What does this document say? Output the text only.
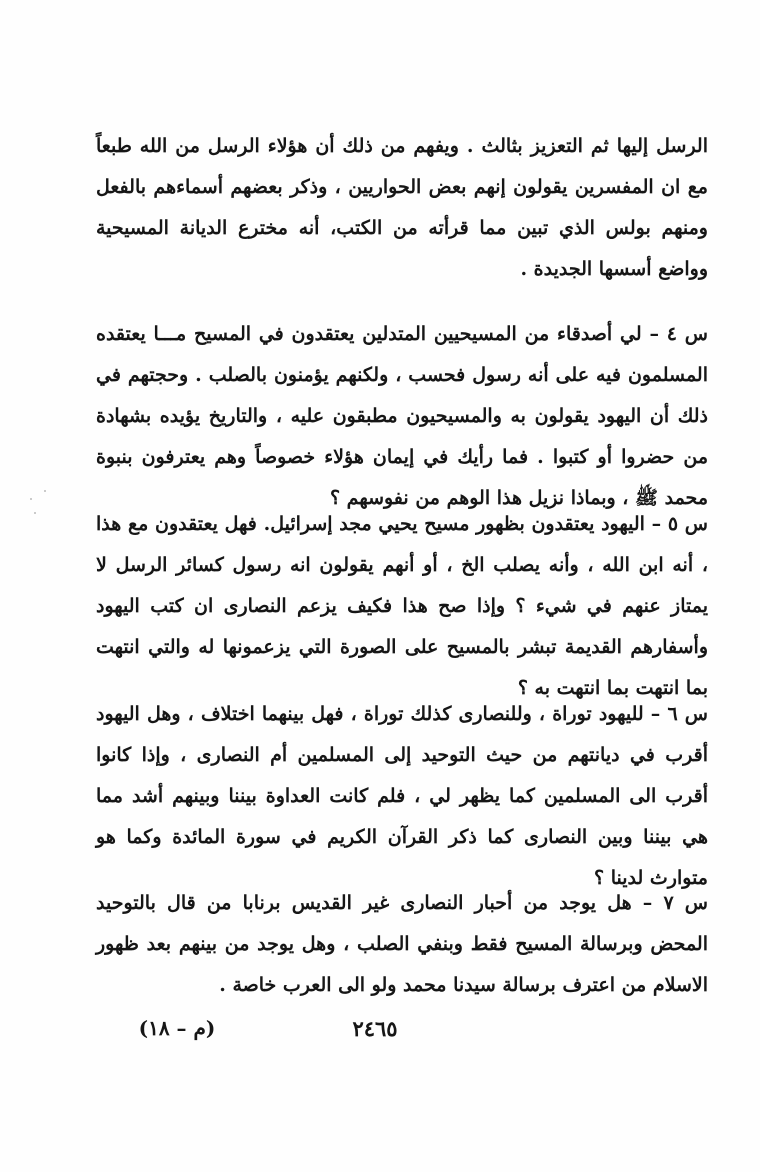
الرسل إليها ثم التعزيز بثالث . ويفهم من ذلك أن هؤلاء الرسل من الله طبعاً مع ان المفسرين يقولون إنهم بعض الحواريين ، وذكر بعضهم أسماءهم بالفعل ومنهم بولس الذي تبين مما قرأته من الكتب، أنه مخترع الديانة المسيحية وواضع أسسها الجديدة .

س ٤ – لي أصدقاء من المسيحيين المتدلين يعتقدون في المسيح مـــا يعتقده المسلمون فيه على أنه رسول فحسب ، ولكنهم يؤمنون بالصلب . وحجتهم في ذلك أن اليهود يقولون به والمسيحيون مطبقون عليه ، والتاريخ يؤيده بشهادة من حضروا أو كتبوا . فما رأيك في إيمان هؤلاء خصوصاً وهم يعترفون بنبوة محمد ﷺ ، وبماذا نزيل هذا الوهم من نفوسهم ؟

س ٥ – اليهود يعتقدون بظهور مسيح يحيي مجد إسرائيل. فهل يعتقدون مع هذا ، أنه ابن الله ، وأنه يصلب الخ ، أو أنهم يقولون انه رسول كسائر الرسل لا يمتاز عنهم في شيء ؟ وإذا صح هذا فكيف يزعم النصارى ان كتب اليهود وأسفارهم القديمة تبشر بالمسيح على الصورة التي يزعمونها له والتي انتهت بما انتهت بما انتهت به ؟

س ٦ – لليهود توراة ، وللنصارى كذلك توراة ، فهل بينهما اختلاف ، وهل اليهود أقرب في ديانتهم من حيث التوحيد إلى المسلمين أم النصارى ، وإذا كانوا أقرب الى المسلمين كما يظهر لي ، فلم كانت العداوة بيننا وبينهم أشد مما هي بيننا وبين النصارى كما ذكر القرآن الكريم في سورة المائدة وكما هو متوارث لدينا ؟

س ٧ – هل يوجد من أحبار النصارى غير القديس برنابا من قال بالتوحيد المحض وبرسالة المسيح فقط وبنفي الصلب ، وهل يوجد من بينهم بعد ظهور الاسلام من اعترف برسالة سيدنا محمد ولو الى العرب خاصة .

٢٤٦٥
(م – ١٨)
